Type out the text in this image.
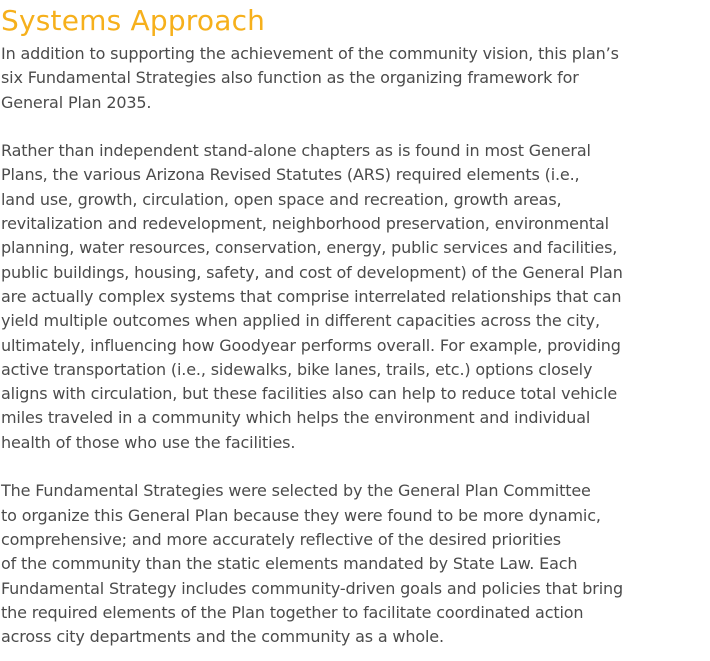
Systems Approach
In addition to supporting the achievement of the community vision, this plan’s
six Fundamental Strategies also function as the organizing framework for
General Plan 2035.
Rather than independent stand-alone chapters as is found in most General
Plans, the various Arizona Revised Statutes (ARS) required elements (i.e.,
land use, growth, circulation, open space and recreation, growth areas,
revitalization and redevelopment, neighborhood preservation, environmental
planning, water resources, conservation, energy, public services and facilities,
public buildings, housing, safety, and cost of development) of the General Plan
are actually complex systems that comprise interrelated relationships that can
yield multiple outcomes when applied in different capacities across the city,
ultimately, influencing how Goodyear performs overall. For example, providing
active transportation (i.e., sidewalks, bike lanes, trails, etc.) options closely
aligns with circulation, but these facilities also can help to reduce total vehicle
miles traveled in a community which helps the environment and individual
health of those who use the facilities.
The Fundamental Strategies were selected by the General Plan Committee
to organize this General Plan because they were found to be more dynamic,
comprehensive; and more accurately reflective of the desired priorities
of the community than the static elements mandated by State Law. Each
Fundamental Strategy includes community-driven goals and policies that bring
the required elements of the Plan together to facilitate coordinated action
across city departments and the community as a whole.
